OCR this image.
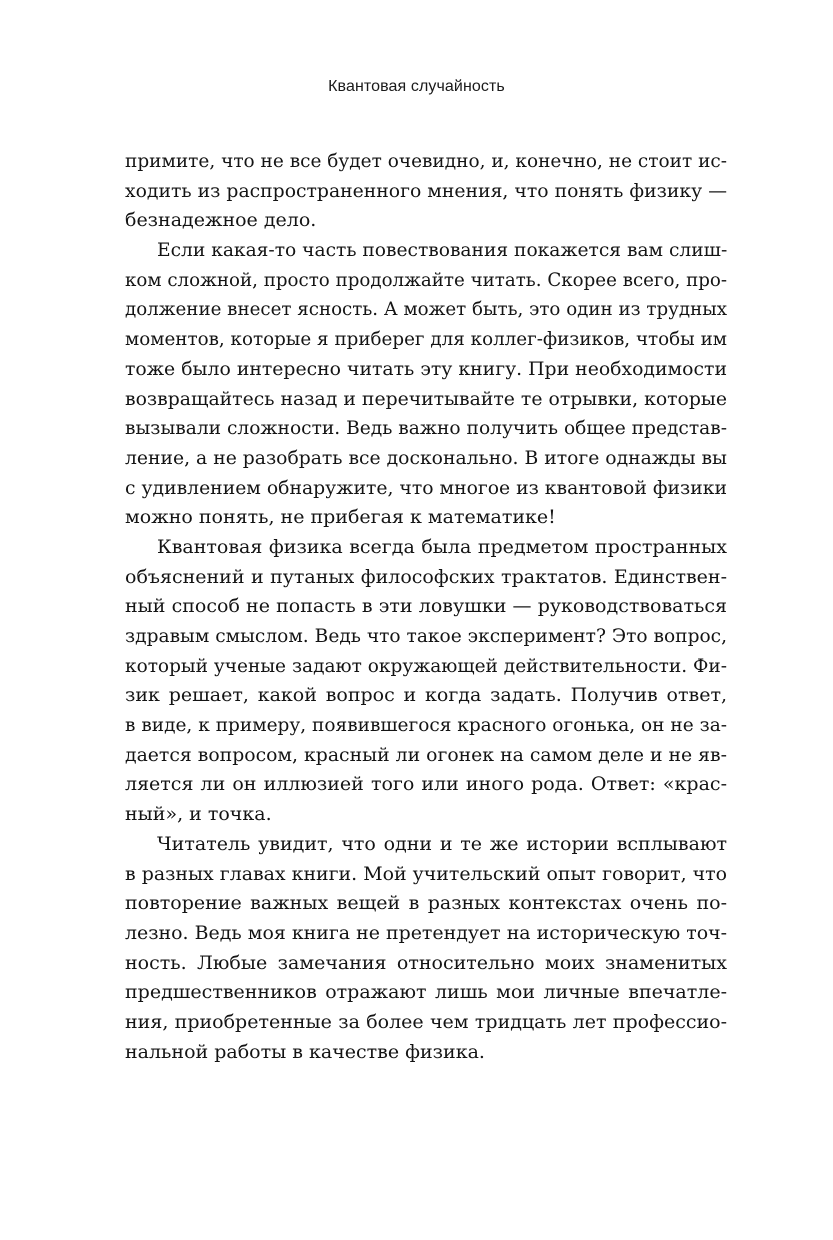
Квантовая случайность
примите, что не все будет очевидно, и, конечно, не стоит ис-
ходить из распространенного мнения, что понять физику —
безнадежное дело.
Если какая-то часть повествования покажется вам слиш-
ком сложной, просто продолжайте читать. Скорее всего, про-
должение внесет ясность. А может быть, это один из трудных
моментов, которые я приберег для коллег-физиков, чтобы им
тоже было интересно читать эту книгу. При необходимости
возвращайтесь назад и перечитывайте те отрывки, которые
вызывали сложности. Ведь важно получить общее представ-
ление, а не разобрать все досконально. В итоге однажды вы
с удивлением обнаружите, что многое из квантовой физики
можно понять, не прибегая к математике!
Квантовая физика всегда была предметом пространных
объяснений и путаных философских трактатов. Единствен-
ный способ не попасть в эти ловушки — руководствоваться
здравым смыслом. Ведь что такое эксперимент? Это вопрос,
который ученые задают окружающей действительности. Фи-
зик решает, какой вопрос и когда задать. Получив ответ,
в виде, к примеру, появившегося красного огонька, он не за-
дается вопросом, красный ли огонек на самом деле и не яв-
ляется ли он иллюзией того или иного рода. Ответ: «крас-
ный», и точка.
Читатель увидит, что одни и те же истории всплывают
в разных главах книги. Мой учительский опыт говорит, что
повторение важных вещей в разных контекстах очень по-
лезно. Ведь моя книга не претендует на историческую точ-
ность. Любые замечания относительно моих знаменитых
предшественников отражают лишь мои личные впечатле-
ния, приобретенные за более чем тридцать лет профессио-
нальной работы в качестве физика.
